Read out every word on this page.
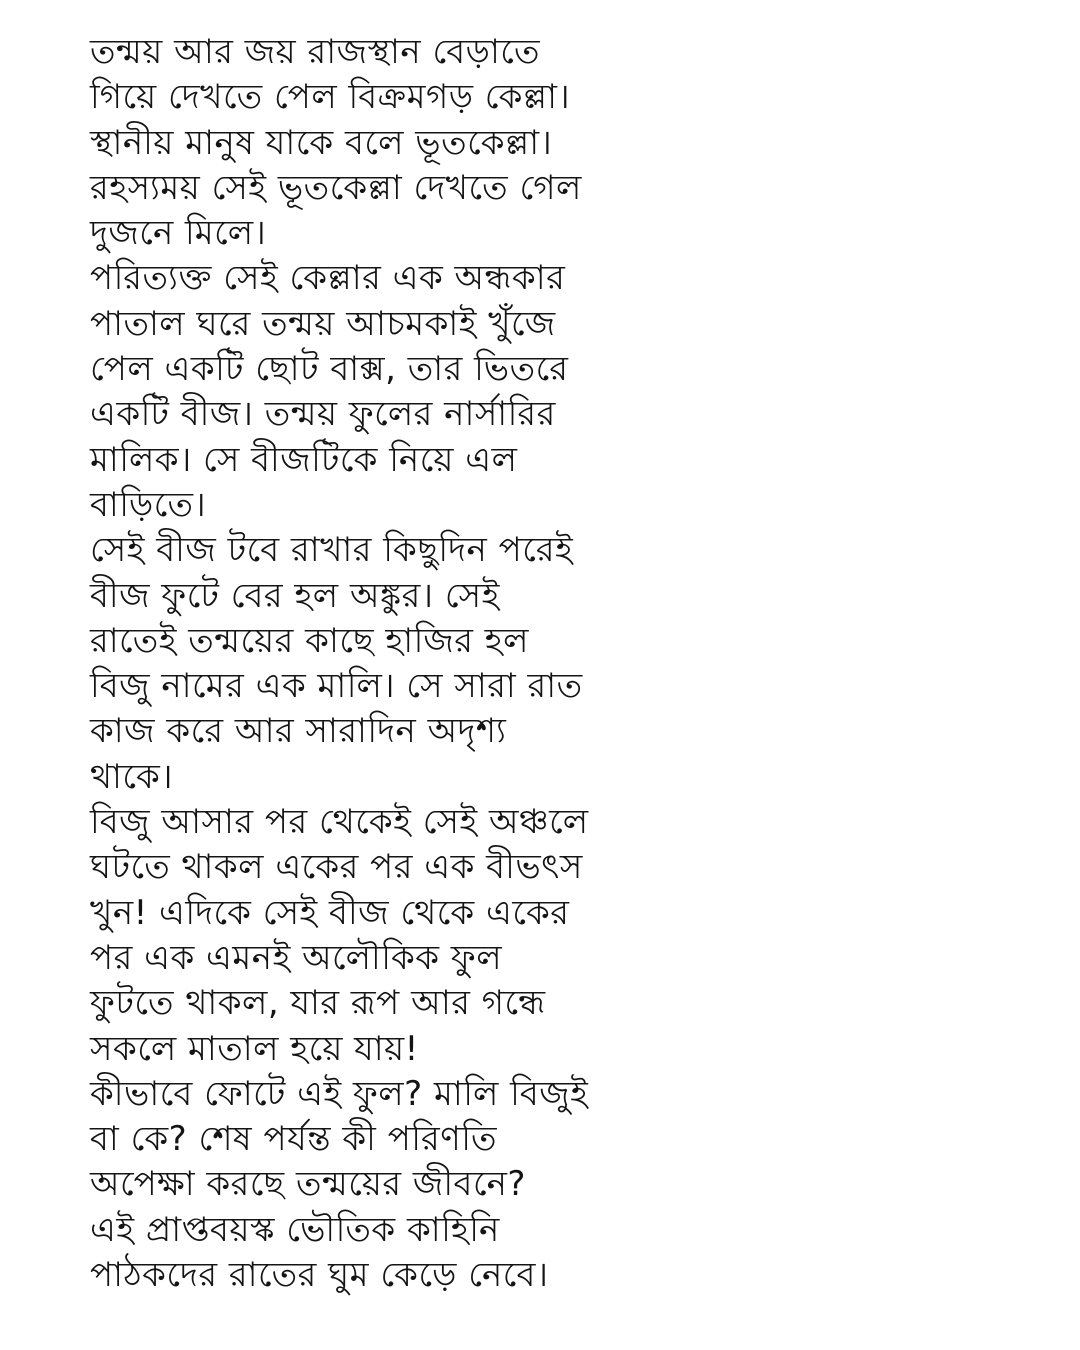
তন্ময় আর জয় রাজস্থান বেড়াতে
গিয়ে দেখতে পেল বিক্রমগড় কেল্লা।
স্থানীয় মানুষ যাকে বলে ভূতকেল্লা।
রহস্যময় সেই ভূতকেল্লা দেখতে গেল
দুজনে মিলে।
পরিত্যক্ত সেই কেল্লার এক অন্ধকার
পাতাল ঘরে তন্ময় আচমকাই খুঁজে
পেল একটি ছোট বাক্স, তার ভিতরে
একটি বীজ। তন্ময় ফুলের নার্সারির
মালিক। সে বীজটিকে নিয়ে এল
বাড়িতে।
সেই বীজ টবে রাখার কিছুদিন পরেই
বীজ ফুটে বের হল অঙ্কুর। সেই
রাতেই তন্ময়ের কাছে হাজির হল
বিজু নামের এক মালি। সে সারা রাত
কাজ করে আর সারাদিন অদৃশ্য
থাকে।
বিজু আসার পর থেকেই সেই অঞ্চলে
ঘটতে থাকল একের পর এক বীভৎস
খুন! এদিকে সেই বীজ থেকে একের
পর এক এমনই অলৌকিক ফুল
ফুটতে থাকল, যার রূপ আর গন্ধে
সকলে মাতাল হয়ে যায়!
কীভাবে ফোটে এই ফুল? মালি বিজুই
বা কে? শেষ পর্যন্ত কী পরিণতি
অপেক্ষা করছে তন্ময়ের জীবনে?
এই প্রাপ্তবয়স্ক ভৌতিক কাহিনি
পাঠকদের রাতের ঘুম কেড়ে নেবে।
